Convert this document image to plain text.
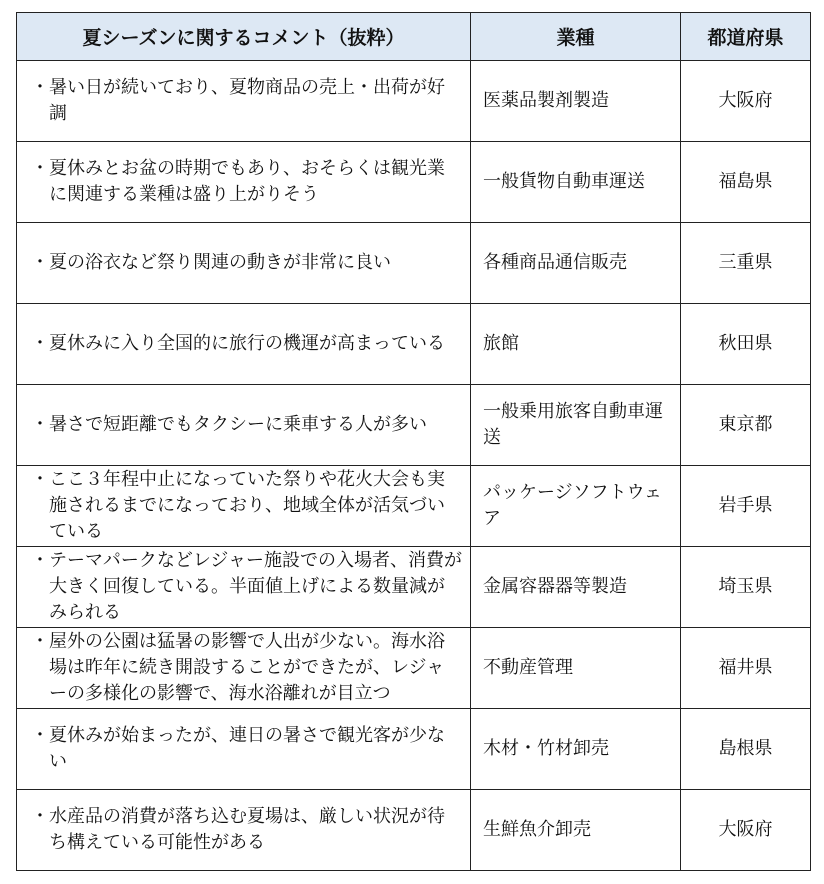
夏シーズンに関するコメント（抜粋）	業種	都道府県

・暑い日が続いており、夏物商品の売上・出荷が好調	医薬品製剤製造	大阪府

・夏休みとお盆の時期でもあり、おそらくは観光業に関連する業種は盛り上がりそう	一般貨物自動車運送	福島県

・夏の浴衣など祭り関連の動きが非常に良い	各種商品通信販売	三重県

・夏休みに入り全国的に旅行の機運が高まっている	旅館	秋田県

・暑さで短距離でもタクシーに乗車する人が多い	一般乗用旅客自動車運送	東京都

・ここ３年程中止になっていた祭りや花火大会も実施されるまでになっており、地域全体が活気づいている	パッケージソフトウェア	岩手県

・テーマパークなどレジャー施設での入場者、消費が大きく回復している。半面値上げによる数量減がみられる	金属容器器等製造	埼玉県

・屋外の公園は猛暑の影響で人出が少ない。海水浴場は昨年に続き開設することができたが、レジャーの多様化の影響で、海水浴離れが目立つ	不動産管理	福井県

・夏休みが始まったが、連日の暑さで観光客が少ない	木材・竹材卸売	島根県

・水産品の消費が落ち込む夏場は、厳しい状況が待ち構えている可能性がある	生鮮魚介卸売	大阪府
